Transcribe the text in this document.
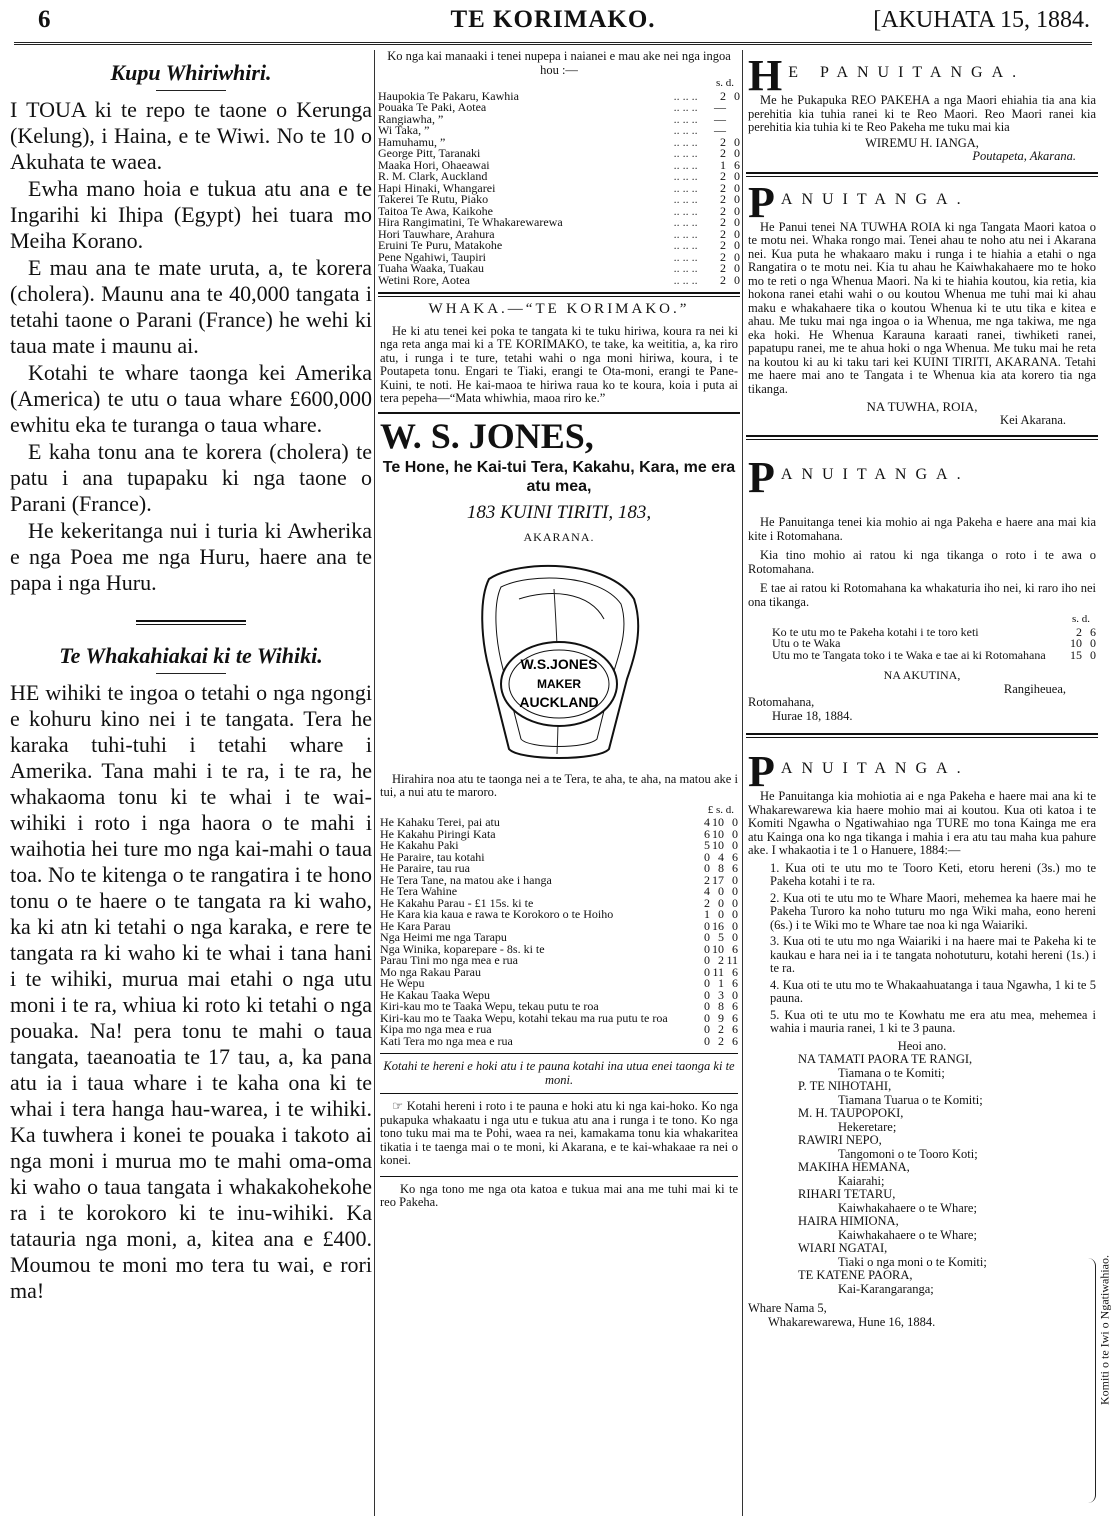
6	TE KORIMAKO.	[AKUHATA 15, 1884.
Kupu Whiriwhiri.

I TOUA ki te repo te taone o Kerunga (Kelung), i Haina, e te Wiwi. No te 10 o Akuhata te waea.

Ewha mano hoia e tukua atu ana e te Ingarihi ki Ihipa (Egypt) hei tuara mo Meiha Korano.

E mau ana te mate uruta, a, te korera (cholera). Maunu ana te 40,000 tangata i tetahi taone o Parani (France) he wehi ki taua mate i maunu ai.

Kotahi te whare taonga kei Amerika (America) te utu o taua whare £600,000 ewhitu eka te turanga o taua whare.

E kaha tonu ana te korera (cholera) te patu i ana tupapaku ki nga taone o Parani (France).

He kekeritanga nui i turia ki Awherika e nga Poea me nga Huru, haere ana te papa i nga Huru.

Te Whakahiakai ki te Wihiki.

HE wihiki te ingoa o tetahi o nga ngongi e kohuru kino nei i te tangata. Tera he karaka tuhi-tuhi i tetahi whare i Amerika. Tana mahi i te ra, i te ra, he whakaoma tonu ki te whai i te wai-wihiki i roto i nga haora o te mahi i waihotia hei ture mo nga kai-mahi o taua toa. No te kitenga o te rangatira i te hono tonu o te haere o te tangata ra ki waho, ka ki atn ki tetahi o nga karaka, e rere te tangata ra ki waho ki te whai i tana hani i te wihiki, murua mai etahi o nga utu moni i te ra, whiua ki roto ki tetahi o nga pouaka. Na! pera tonu te mahi o taua tangata, taeanoatia te 17 tau, a, ka pana atu ia i taua whare i te kaha ona ki te whai i tera hanga hau-warea, i te wihiki. Ka tuwhera i konei te pouaka i takoto ai nga moni i murua mo te mahi oma-oma ki waho o taua tangata i whakakohekohe ra i te korokoro ki te inu-wihiki. Ka tatauria nga moni, a, kitea ana e £400. Moumou te moni mo tera tu wai, e rori ma!

Ko nga kai manaaki i tenei nupepa i naianei e mau ake nei nga ingoa hou :—
s. d.
Haupokia Te Pakaru, Kawhia	.. .. ..	2	0
Pouaka Te Paki, Aotea	.. .. ..	—	
Rangiawha, ”	.. .. ..	—	
Wi Taka, ”	.. .. ..	—	
Hamuhamu, ”	.. .. ..	2	0
George Pitt, Taranaki	.. .. ..	2	0
Maaka Hori, Ohaeawai	.. .. ..	1	6
R. M. Clark, Auckland	.. .. ..	2	0
Hapi Hinaki, Whangarei	.. .. ..	2	0
Takerei Te Rutu, Piako	.. .. ..	2	0
Taitoa Te Awa, Kaikohe	.. .. ..	2	0
Hira Rangimatini, Te Whakarewarewa	.. .. ..	2	0
Hori Tauwhare, Arahura	.. .. ..	2	0
Eruini Te Puru, Matakohe	.. .. ..	2	0
Pene Ngahiwi, Taupiri	.. .. ..	2	0
Tuaha Waaka, Tuakau	.. .. ..	2	0
Wetini Rore, Aotea	.. .. ..	2	0
WHAKA.—“TE KORIMAKO.”

He ki atu tenei kei poka te tangata ki te tuku hiriwa, koura ra nei ki nga reta anga mai ki a TE KORIMAKO, te take, ka weititia, a, ka riro atu, i runga i te ture, tetahi wahi o nga moni hiriwa, koura, i te Poutapeta tonu. Engari te Tiaki, erangi te Ota-moni, erangi te Pane-Kuini, te noti. He kai-maoa te hiriwa raua ko te koura, koia i puta ai tera pepeha—“Mata whiwhia, maoa riro ke.”

W. S. JONES,
Te Hone, he Kai-tui Tera, Kakahu, Kara, me era atu mea,
183 KUINI TIRITI, 183,
AKARANA.
W.S.JONES
MAKER
AUCKLAND

Hirahira noa atu te taonga nei a te Tera, te aha, te aha, na matou ake i tui, a nui atu te maroro.

£ s. d.
He Kahaku Terei, pai atu	4	10	0
He Kakahu Piringi Kata	6	10	0
He Kakahu Paki	5	10	0
He Paraire, tau kotahi	0	4	6
He Paraire, tau rua	0	8	6
He Tera Tane, na matou ake i hanga	2	17	0
He Tera Wahine	4	0	0
He Kakahu Parau - £1 15s. ki te	2	0	0
He Kara kia kaua e rawa te Korokoro o te Hoiho	1	0	0
He Kara Parau	0	16	0
Nga Heimi me nga Tarapu	0	5	0
Nga Winika, koparepare - 8s. ki te	0	10	6
Parau Tini mo nga mea e rua	0	2	11
Mo nga Rakau Parau	0	11	6
He Wepu	0	1	6
He Kakau Taaka Wepu	0	3	0
Kiri-kau mo te Taaka Wepu, tekau putu te roa	0	8	6
Kiri-kau mo te Taaka Wepu, kotahi tekau ma rua putu te roa	0	9	6
Kipa mo nga mea e rua	0	2	6
Kati Tera mo nga mea e rua	0	2	6

Kotahi te hereni e hoki atu i te pauna kotahi ina utua enei taonga ki te moni.

☞ Kotahi hereni i roto i te pauna e hoki atu ki nga kai-hoko. Ko nga pukapuka whakaatu i nga utu e tukua atu ana i runga i te tono. Ko nga tono tuku mai ma te Pohi, waea ra nei, kamakama tonu kia whakaritea tikatia i te taenga mai o te moni, ki Akarana, e te kai-whakaae ra nei o konei.

Ko nga tono me nga ota katoa e tukua mai ana me tuhi mai ki te reo Pakeha.

H E PANUITANGA.

Me he Pukapuka REO PAKEHA a nga Maori ehiahia tia ana kia perehitia kia tuhia ranei ki te Reo Maori. Reo Maori ranei kia perehitia kia tuhia ki te Reo Pakeha me tuku mai kia

WIREMU H. IANGA,
Poutapeta, Akarana.
P ANUITANGA.

He Panui tenei NA TUWHA ROIA ki nga Tangata Maori katoa o te motu nei. Whaka rongo mai. Tenei ahau te noho atu nei i Akarana nei. Kua puta he whakaaro maku i runga i te hiahia a etahi o nga Rangatira o te motu nei. Kia tu ahau he Kaiwhakahaere mo te hoko mo te reti o nga Whenua Maori. Na ki te hiahia koutou, kia retia, kia hokona ranei etahi wahi o ou koutou Whenua me tuhi mai ki ahau maku e whakahaere tika o koutou Whenua ki te utu tika e kitea e ahau. Me tuku mai nga ingoa o ia Whenua, me nga takiwa, me nga eka hoki. He Whenua Karauna karaati ranei, tiwhiketi ranei, papatupu ranei, me te ahua hoki o nga Whenua. Me tuku mai he reta na koutou ki au ki taku tari kei KUINI TIRITI, AKARANA. Tetahi me haere mai ano te Tangata i te Whenua kia ata korero tia nga tikanga.

NA TUWHA, ROIA,
Kei Akarana.
P ANUITANGA.

He Panuitanga tenei kia mohio ai nga Pakeha e haere ana mai kia kite i Rotomahana.

Kia tino mohio ai ratou ki nga tikanga o roto i te awa o Rotomahana.

E tae ai ratou ki Rotomahana ka whakaturia iho nei, ki raro iho nei ona tikanga.

s. d.
Ko te utu mo te Pakeha kotahi i te toro keti	2	6
Utu o te Waka	10	0
Utu mo te Tangata toko i te Waka e tae ai ki Rotomahana	15	0
NA AKUTINA,
Rangiheuea,
Rotomahana,
Hurae 18, 1884.
P ANUITANGA.

He Panuitanga kia mohiotia ai e nga Pakeha e haere mai ana ki te Whakarewarewa kia haere mohio mai ai koutou. Kua oti katoa i te Komiti Ngawha o Ngatiwahiao nga TURE mo tona Kainga me era atu Kainga ona ko nga tikanga i mahia i era atu tau maha kua pahure ake. I whakaotia i te 1 o Hanuere, 1884:—

1. Kua oti te utu mo te Tooro Keti, etoru hereni (3s.) mo te Pakeha kotahi i te ra.

2. Kua oti te utu mo te Whare Maori, mehemea ka haere mai he Pakeha Turoro ka noho tuturu mo nga Wiki maha, eono hereni (6s.) i te Wiki mo te Whare tae noa ki nga Waiariki.

3. Kua oti te utu mo nga Waiariki i na haere mai te Pakeha ki te kaukau e hara nei ia i te tangata nohotuturu, kotahi hereni (1s.) i te ra.

4. Kua oti te utu mo te Whakaahuatanga i taua Ngawha, 1 ki te 5 pauna.

5. Kua oti te utu mo te Kowhatu me era atu mea, mehemea i wahia i mauria ranei, 1 ki te 3 pauna.

Heoi ano.
NA TAMATI PAORA TE RANGI,
Tiamana o te Komiti;
P. TE NIHOTAHI,
Tiamana Tuarua o te Komiti;
M. H. TAUPOPOKI,
Hekeretare;
RAWIRI NEPO,
Tangomoni o te Tooro Koti;
MAKIHA HEMANA,
Kaiarahi;
RIHARI TETARU,
Kaiwhakahaere o te Whare;
HAIRA HIMIONA,
Kaiwhakahaere o te Whare;
WIARI NGATAI,
Tiaki o nga moni o te Komiti;
TE KATENE PAORA,
Kai-Karangaranga;
Whare Nama 5,
Whakarewarewa, Hune 16, 1884.	Komiti o te Iwi o Ngatiwahiao.
